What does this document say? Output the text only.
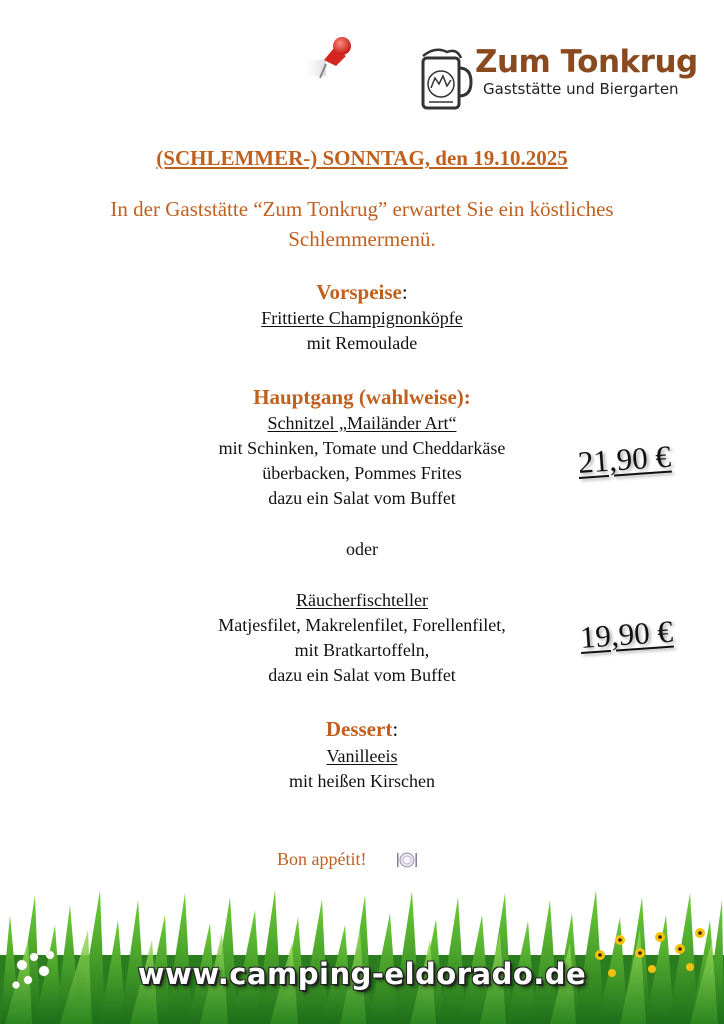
Zum Tonkrug
Gaststätte und Biergarten
(SCHLEMMER-) SONNTAG, den 19.10.2025
In der Gaststätte “Zum Tonkrug” erwartet Sie ein köstliches
Schlemmermenü.
Vorspeise:
Frittierte Champignonköpfe
mit Remoulade
Hauptgang (wahlweise):
Schnitzel „Mailänder Art“
mit Schinken, Tomate und Cheddarkäse
überbacken, Pommes Frites
dazu ein Salat vom Buffet
21,90 €
oder
Räucherfischteller
Matjesfilet, Makrelenfilet, Forellenfilet,
mit Bratkartoffeln,
dazu ein Salat vom Buffet
19,90 €
Dessert:
Vanilleeis
mit heißen Kirschen
Bon appétit!
www.camping-eldorado.de
